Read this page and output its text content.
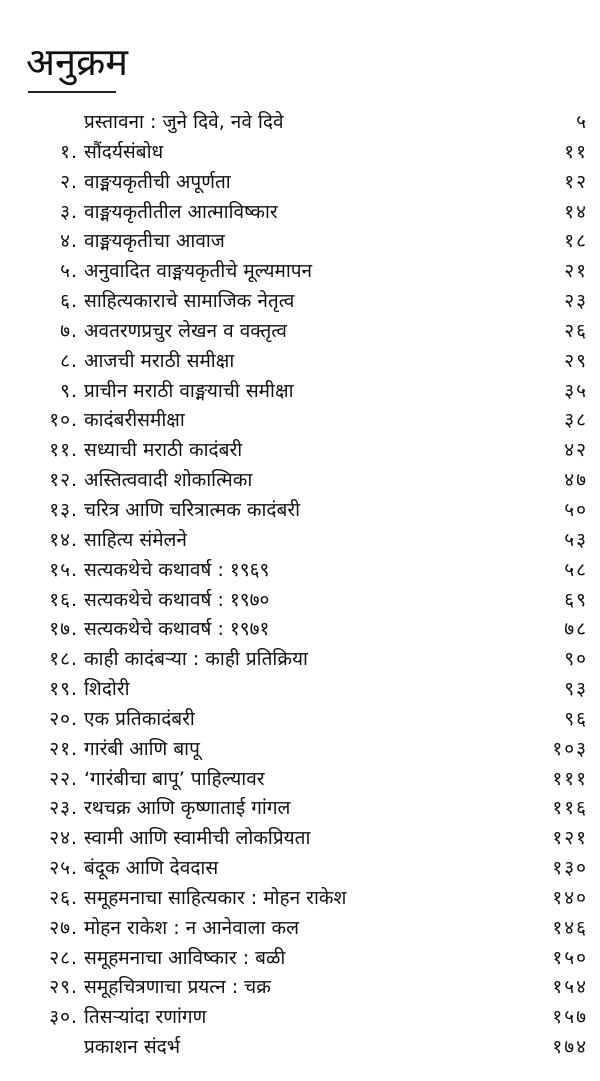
अनुक्रम
प्रस्तावना : जुने दिवे, नवे दिवे	५
१. सौंदर्यसंबोध	११
२. वाङ्मयकृतीची अपूर्णता	१२
३. वाङ्मयकृतीतील आत्माविष्कार	१४
४. वाङ्मयकृतीचा आवाज	१८
५. अनुवादित वाङ्मयकृतीचे मूल्यमापन	२१
६. साहित्यकाराचे सामाजिक नेतृत्व	२३
७. अवतरणप्रचुर लेखन व वक्तृत्व	२६
८. आजची मराठी समीक्षा	२९
९. प्राचीन मराठी वाङ्मयाची समीक्षा	३५
१०. कादंबरीसमीक्षा	३८
११. सध्याची मराठी कादंबरी	४२
१२. अस्तित्ववादी शोकात्मिका	४७
१३. चरित्र आणि चरित्रात्मक कादंबरी	५०
१४. साहित्य संमेलने	५३
१५. सत्यकथेचे कथावर्ष : १९६९	५८
१६. सत्यकथेचे कथावर्ष : १९७०	६९
१७. सत्यकथेचे कथावर्ष : १९७१	७८
१८. काही कादंबऱ्या : काही प्रतिक्रिया	९०
१९. शिदोरी	९३
२०. एक प्रतिकादंबरी	९६
२१. गारंबी आणि बापू	१०३
२२. ‘गारंबीचा बापू’ पाहिल्यावर	१११
२३. रथचक्र आणि कृष्णाताई गांगल	११६
२४. स्वामी आणि स्वामीची लोकप्रियता	१२१
२५. बंदूक आणि देवदास	१३०
२६. समूहमनाचा साहित्यकार : मोहन राकेश	१४०
२७. मोहन राकेश : न आनेवाला कल	१४६
२८. समूहमनाचा आविष्कार : बळी	१५०
२९. समूहचित्रणाचा प्रयत्न : चक्र	१५४
३०. तिसऱ्यांदा रणांगण	१५७
प्रकाशन संदर्भ	१७४
